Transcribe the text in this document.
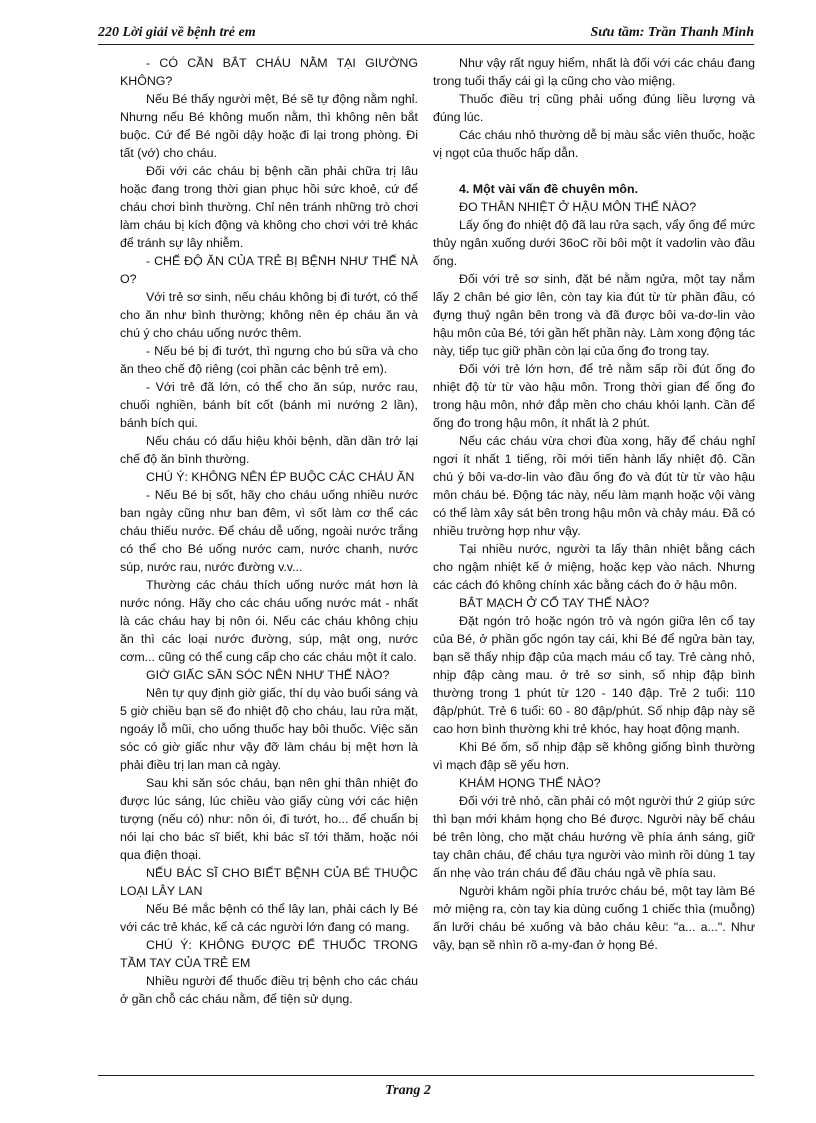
220 Lời giải về bệnh trẻ em	Sưu tầm: Trần Thanh Minh

- CÓ CẦN BẮT CHÁU NẰM TẠI GIƯỜNG KHÔNG?

Nếu Bé thấy người mệt, Bé sẽ tự động nằm nghỉ. Nhưng nếu Bé không muốn nằm, thì không nên bắt buộc. Cứ để Bé ngồi dậy hoặc đi lại trong phòng. Đi tất (vớ) cho cháu.

Đối với các cháu bị bệnh cần phải chữa trị lâu hoặc đang trong thời gian phục hồi sức khoẻ, cứ để cháu chơi bình thường. Chỉ nên tránh những trò chơi làm cháu bị kích động và không cho chơi với trẻ khác để tránh sự lây nhiễm.

- CHẾ ĐỘ ĂN CỦA TRẺ BỊ BỆNH NHƯ THẾ NÀ O?

Với trẻ sơ sinh, nếu cháu không bị đi tướt, có thể cho ăn như bình thường; không nên ép cháu ăn và chú ý cho cháu uống nước thêm.

- Nếu bé bị đi tướt, thì ngưng cho bú sữa và cho ăn theo chế độ riêng (coi phần các bệnh trẻ em).

- Với trẻ đã lớn, có thể cho ăn súp, nước rau, chuối nghiền, bánh bít cốt (bánh mì nướng 2 lần), bánh bích qui.

Nếu cháu có dấu hiệu khỏi bệnh, dần dần trở lại chế độ ăn bình thường.

CHÚ Ý: KHÔNG NÊN ÉP BUỘC CÁC CHÁU ĂN

- Nếu Bé bị sốt, hãy cho cháu uống nhiều nước ban ngày cũng như ban đêm, vì sốt làm cơ thể các cháu thiếu nước. Để cháu dễ uống, ngoài nước trắng có thể cho Bé uống nước cam, nước chanh, nước súp, nước rau, nước đường v.v...

Thường các cháu thích uống nước mát hơn là nước nóng. Hãy cho các cháu uống nước mát - nhất là các cháu hay bị nôn ói. Nếu các cháu không chịu ăn thì các loại nước đường, súp, mật ong, nước cơm... cũng có thể cung cấp cho các cháu một ít calo.

GIỜ GIẤC SĂN SÓC NÊN NHƯ THẾ NÀO?

Nên tự quy định giờ giấc, thí dụ vào buổi sáng và 5 giờ chiều bạn sẽ đo nhiệt độ cho cháu, lau rửa mặt, ngoáy lỗ mũi, cho uống thuốc hay bôi thuốc. Việc săn sóc có giờ giấc như vậy đỡ làm cháu bị mệt hơn là phải điều trị lan man cả ngày.

Sau khi săn sóc cháu, bạn nên ghi thân nhiệt đo được lúc sáng, lúc chiều vào giấy cùng với các hiện tượng (nếu có) như: nôn ói, đi tướt, ho... để chuẩn bị nói lại cho bác sĩ biết, khi bác sĩ tới thăm, hoặc nói qua điện thoại.

NẾU BÁC SĨ CHO BIẾT BỆNH CỦA BÉ THUỘC LOẠI LÂY LAN

Nếu Bé mắc bệnh có thể lây lan, phải cách ly Bé với các trẻ khác, kể cả các người lớn đang có mang.

CHÚ Ý: KHÔNG ĐƯỢC ĐỂ THUỐC TRONG TẦM TAY CỦA TRẺ EM

Nhiều người để thuốc điều trị bệnh cho các cháu ở gần chỗ các cháu nằm, để tiện sử dụng.

Như vậy rất nguy hiểm, nhất là đối với các cháu đang trong tuổi thấy cái gì lạ cũng cho vào miệng.

Thuốc điều trị cũng phải uống đúng liều lượng và đúng lúc.

Các cháu nhỏ thường dễ bị màu sắc viên thuốc, hoặc vị ngọt của thuốc hấp dẫn.

4. Một vài vấn đề chuyên môn.

ĐO THÂN NHIỆT Ở HẬU MÔN THẾ NÀO?

Lấy ống đo nhiệt độ đã lau rửa sạch, vẩy ống để mức thủy ngân xuống dưới 36oC rồi bôi một ít vadơlin vào đầu ống.

Đối với trẻ sơ sinh, đặt bé nằm ngửa, một tay nắm lấy 2 chân bé giơ lên, còn tay kia đút từ từ phần đầu, có đựng thuỷ ngân bên trong và đã được bôi va-dơ-lin vào hậu môn của Bé, tới gần hết phần này. Làm xong động tác này, tiếp tục giữ phần còn lại của ống đo trong tay.

Đối với trẻ lớn hơn, để trẻ nằm sấp rồi đút ống đo nhiệt độ từ từ vào hậu môn. Trong thời gian để ống đo trong hậu môn, nhớ đắp mền cho cháu khỏi lạnh. Cần để ống đo trong hậu môn, ít nhất là 2 phút.

Nếu các cháu vừa chơi đùa xong, hãy để cháu nghỉ ngơi ít nhất 1 tiếng, rồi mới tiến hành lấy nhiệt độ. Cần chú ý bôi va-dơ-lin vào đầu ống đo và đút từ từ vào hậu môn cháu bé. Động tác này, nếu làm mạnh hoặc vội vàng có thể làm xây sát bên trong hậu môn và chảy máu. Đã có nhiều trường hợp như vậy.

Tại nhiều nước, người ta lấy thân nhiệt bằng cách cho ngậm nhiệt kế ở miệng, hoặc kẹp vào nách. Nhưng các cách đó không chính xác bằng cách đo ở hậu môn.

BẮT MẠCH Ở CỔ TAY THẾ NÀO?

Đặt ngón trỏ hoặc ngón trỏ và ngón giữa lên cổ tay của Bé, ở phần gốc ngón tay cái, khi Bé để ngửa bàn tay, bạn sẽ thấy nhịp đập của mạch máu cổ tay. Trẻ càng nhỏ, nhịp đập càng mau. ở trẻ sơ sinh, số nhịp đập bình thường trong 1 phút từ 120 - 140 đập. Trẻ 2 tuổi: 110 đập/phút. Trẻ 6 tuổi: 60 - 80 đập/phút. Số nhịp đập này sẽ cao hơn bình thường khi trẻ khóc, hay hoạt động mạnh.

Khi Bé ốm, số nhịp đập sẽ không giống bình thường vì mạch đập sẽ yếu hơn.

KHÁM HỌNG THẾ NÀO?

Đối với trẻ nhỏ, cần phải có một người thứ 2 giúp sức thì bạn mới khám họng cho Bé được. Người này bế cháu bé trên lòng, cho mặt cháu hướng về phía ánh sáng, giữ tay chân cháu, để cháu tựa người vào mình rồi dùng 1 tay ấn nhẹ vào trán cháu để đầu cháu ngả về phía sau.

Người khám ngồi phía trước cháu bé, một tay làm Bé mở miệng ra, còn tay kia dùng cuống 1 chiếc thìa (muỗng) ấn lưỡi cháu bé xuống và bảo cháu kêu: "a... a...". Như vậy, bạn sẽ nhìn rõ a-my-đan ở họng Bé.

Trang 2
